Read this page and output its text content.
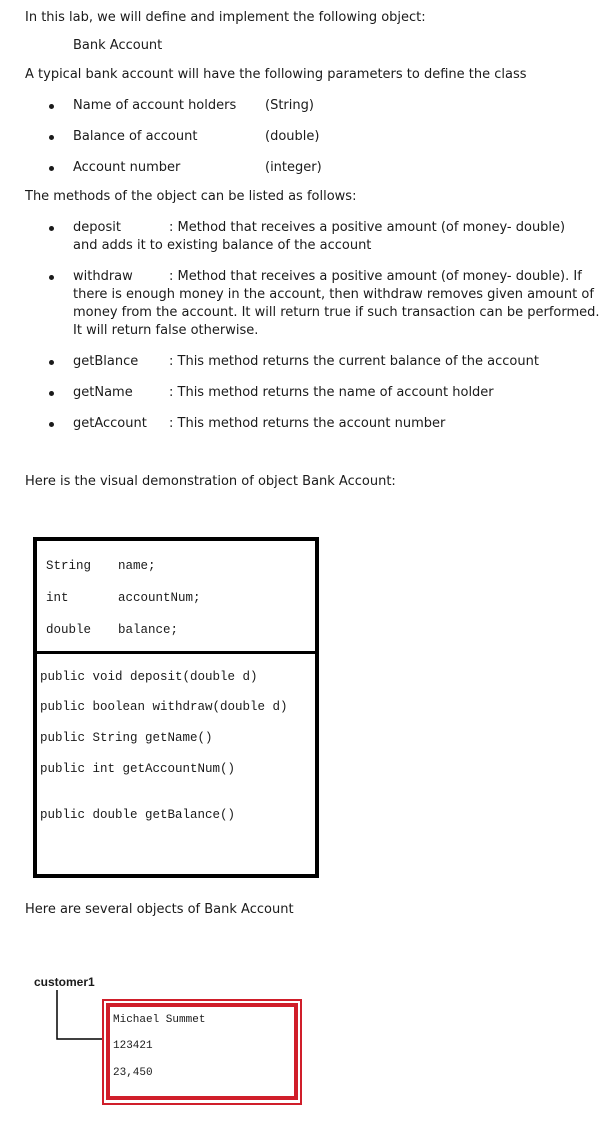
In this lab, we will define and implement the following object:
Bank Account
A typical bank account will have the following parameters to define the class
Name of account holders (String)
Balance of account	(double)
Account number	(integer)
The methods of the object can be listed as follows:
deposit	: Method that receives a positive amount (of money- double) and adds it to existing balance of the account
withdraw	: Method that receives a positive amount (of money- double). If there is enough money in the account, then withdraw removes given amount of money from the account. It will return true if such transaction can be performed. It will return false otherwise.
getBlance : This method returns the current balance of the account
getName	: This method returns the name of account holder
getAccount : This method returns the account number
Here is the visual demonstration of object Bank Account:
String name;
int	accountNum;
double balance;
public void deposit(double d)
public boolean withdraw(double d)
public String getName()
public int getAccountNum()
public double getBalance()
Here are several objects of Bank Account
customer1
Michael Summet
123421
23,450
